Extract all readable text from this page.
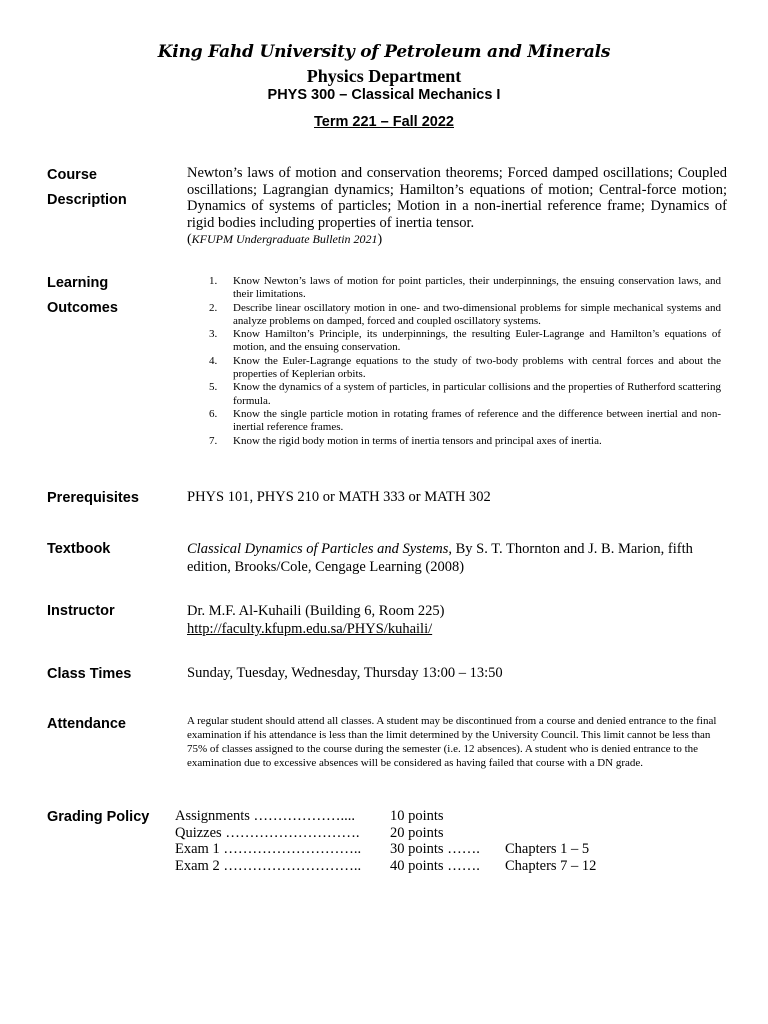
King Fahd University of Petroleum and Minerals
Physics Department
PHYS 300 – Classical Mechanics I
Term 221 – Fall 2022
Course
Description
Newton’s laws of motion and conservation theorems; Forced damped oscillations; Coupled oscillations; Lagrangian dynamics; Hamilton’s equations of motion; Central-force motion; Dynamics of systems of particles; Motion in a non-inertial reference frame; Dynamics of rigid bodies including properties of inertia tensor.
(KFUPM Undergraduate Bulletin 2021)
Learning
Outcomes
1. Know Newton’s laws of motion for point particles, their underpinnings, the ensuing conservation laws, and their limitations.
2. Describe linear oscillatory motion in one- and two-dimensional problems for simple mechanical systems and analyze problems on damped, forced and coupled oscillatory systems.
3. Know Hamilton’s Principle, its underpinnings, the resulting Euler-Lagrange and Hamilton’s equations of motion, and the ensuing conservation.
4. Know the Euler-Lagrange equations to the study of two-body problems with central forces and about the properties of Keplerian orbits.
5. Know the dynamics of a system of particles, in particular collisions and the properties of Rutherford scattering formula.
6. Know the single particle motion in rotating frames of reference and the difference between inertial and non-inertial reference frames.
7. Know the rigid body motion in terms of inertia tensors and principal axes of inertia.
Prerequisites	PHYS 101, PHYS 210 or MATH 333 or MATH 302
Textbook	Classical Dynamics of Particles and Systems, By S. T. Thornton and J. B. Marion, fifth edition, Brooks/Cole, Cengage Learning (2008)
Instructor	Dr. M.F. Al-Kuhaili (Building 6, Room 225)
http://faculty.kfupm.edu.sa/PHYS/kuhaili/
Class Times	Sunday, Tuesday, Wednesday, Thursday 13:00 – 13:50
Attendance	A regular student should attend all classes. A student may be discontinued from a course and denied entrance to the final examination if his attendance is less than the limit determined by the University Council. This limit cannot be less than 75% of classes assigned to the course during the semester (i.e. 12 absences). A student who is denied entrance to the examination due to excessive absences will be considered as having failed that course with a DN grade.
Grading Policy Assignments ……………….... 10 points
Quizzes ………………………. 20 points
Exam 1 ……………………….. 30 points ……. Chapters 1 – 5
Exam 2 ……………………….. 40 points ……. Chapters 7 – 12
